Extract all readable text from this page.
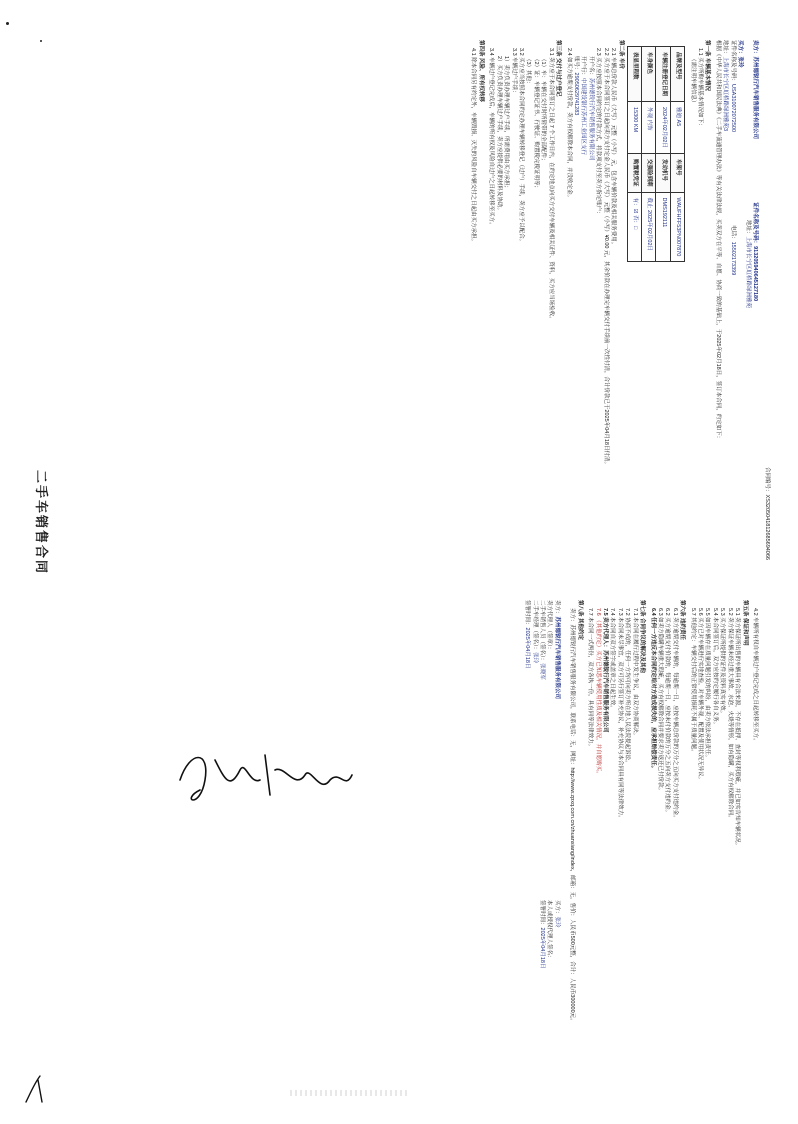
二手车销售合同	合同编号：XS3205041812685694066

卖方：苏州德锐行汽车销售服务有限公司  证件名称及号码：913205940645127180

地址：上海市长宁区虹桥路绿洲雅苑

买方：张玲

证件名称及号码：USA310072072500  电话：15502173399

地址：上海市长宁区虹桥路绿洲雅苑3

根据《中华人民共和国民法典》《二手车流通管理办法》等有关法律法规，买卖双方在平等、自愿、协商一致的基础上，于2025年02月18日，签订本合同，约定如下：

第一条 车辆基本情况

1.1 买方所购车辆基本情况如下：

（需注明车辆信息）

品牌及型号	雅迪 A5	车架号	WAUFHFF53PN007870
车辆注册登记日期	2024年02月02日	发动机号	DMS192111
车身颜色	外观 内饰	交强险到期	截止 2025年02月02日
表显里程数	15300 KM	购置税凭证	有：☑ 否：□

第二条 车价

2.1 车辆总价款人民币（大写） 元整（小写） 元，包含车辆价款及相关服务费用。

2.2 买方应于本合同签订之日起向卖方支付定金人民币（大写） 元整（小写）¥0.00 元，其余价款在办理完车辆交付手续前一次性付清，合计价款已于2025年04月18日付清。

2.3 买方应按照本合同约定的付款方式，将款项支付至卖方指定账户：

开户名：苏州德锐行汽车销售服务有限公司

开户行：中国建设银行苏州工业园区支行

账号：29050629741283

2.4 如买方逾期支付价款，卖方有权解除本合同，并没收定金。

第三条 交付与过户登记

3.1 卖方应于本合同签订之日起 7 个工作日内，在约定地点向买方交付车辆及相关证件、资料，买方应当场验收。

（1）车：车辆在交付时所附带的全部配件；

（2）证：车辆登记证书、行驶证、购置税完税证明等；

（3）其他：

3.2 买方应当按照本合同约定办理车辆转移登记（过户）手续，卖方应予以配合。

3.3 车辆过户手续：

1）卖方负责办理车辆过户手续，所需费用由买方承担；

2）买方负责办理车辆过户手续，卖方应提供必要的材料及协助。

3.4 车辆过户登记完成后，车辆的所有权及风险自过户之日起转移至买方。

第四条 风险、所有权转移

4.1 除本合同另有约定外，车辆毁损、灭失的风险自车辆交付之日起由买方承担。

4.2 车辆所有权自车辆过户登记完成之日起转移至买方。

第五条 保证和声明

5.1 卖方保证所出售的车辆具有合法来源，不存在抵押、查封等权利瑕疵，并已如实告知车辆状况。

5.2 卖方保证车辆未经过重大事故、水泡、火烧等情形，如有隐瞒，买方有权解除合同。

5.3 买方保证所提供的证件及资料真实有效。

5.4 本合同签订后，双方应按约定履行各自义务。

5.5 如因车辆存在质量问题引发的纠纷，由卖方依法承担责任。

5.6 买方已对车辆进行实地查验，对车辆外观、配置及使用状况无异议。

5.7 其他约定：车辆交付后的正常使用损耗不属于质量问题。

第六条 违约责任

6.1 卖方逾期交付车辆的，每逾期一日，应按车辆总价款的万分之五向买方支付违约金。

6.2 买方逾期支付价款的，每逾期一日，应按未付价款的万分之五向卖方支付违约金。

6.3 如卖方隐瞒车辆重大瑕疵，买方有权解除合同并要求卖方返还已付价款。

6.4 任何一方违反本合同约定给对方造成损失的，应承担赔偿责任。

第七条 合同争议的解决及其他

7.1 本合同在履行过程中发生争议，由双方协商解决。

7.2 协商不成的，任何一方均可向卖方所在地人民法院提起诉讼。

7.3 本合同未尽事宜，双方可另行签订补充协议，补充协议与本合同具有同等法律效力。

7.4 本合同自双方签字或盖章之日起生效。

7.5 卖方代理人：苏州德锐行汽车销售服务有限公司

7.6 （其他约定）买方已知悉车辆使用性质及相关情况，并自愿购买。

7.7 本合同一式两份，双方各执一份，具有同等法律效力。

第八条 其他约定

卖方：苏州德锐行汽车销售服务有限公司，联系电话：无，网址：http://www.zpxq.com.cn/zhuanxiang/index，邮箱：无，售价：人民币500元整，合计：人民币300000元。

卖方：苏州德锐行汽车销售服务有限公司

卖方代理人（签章）：

二手车销售人员（签名）：张晓军

二手车经理（签名）：张玲

签署时间：2025年04月18日

买方：张玲

本人或授权代理人签名：

签署时间：2025年04月18日
